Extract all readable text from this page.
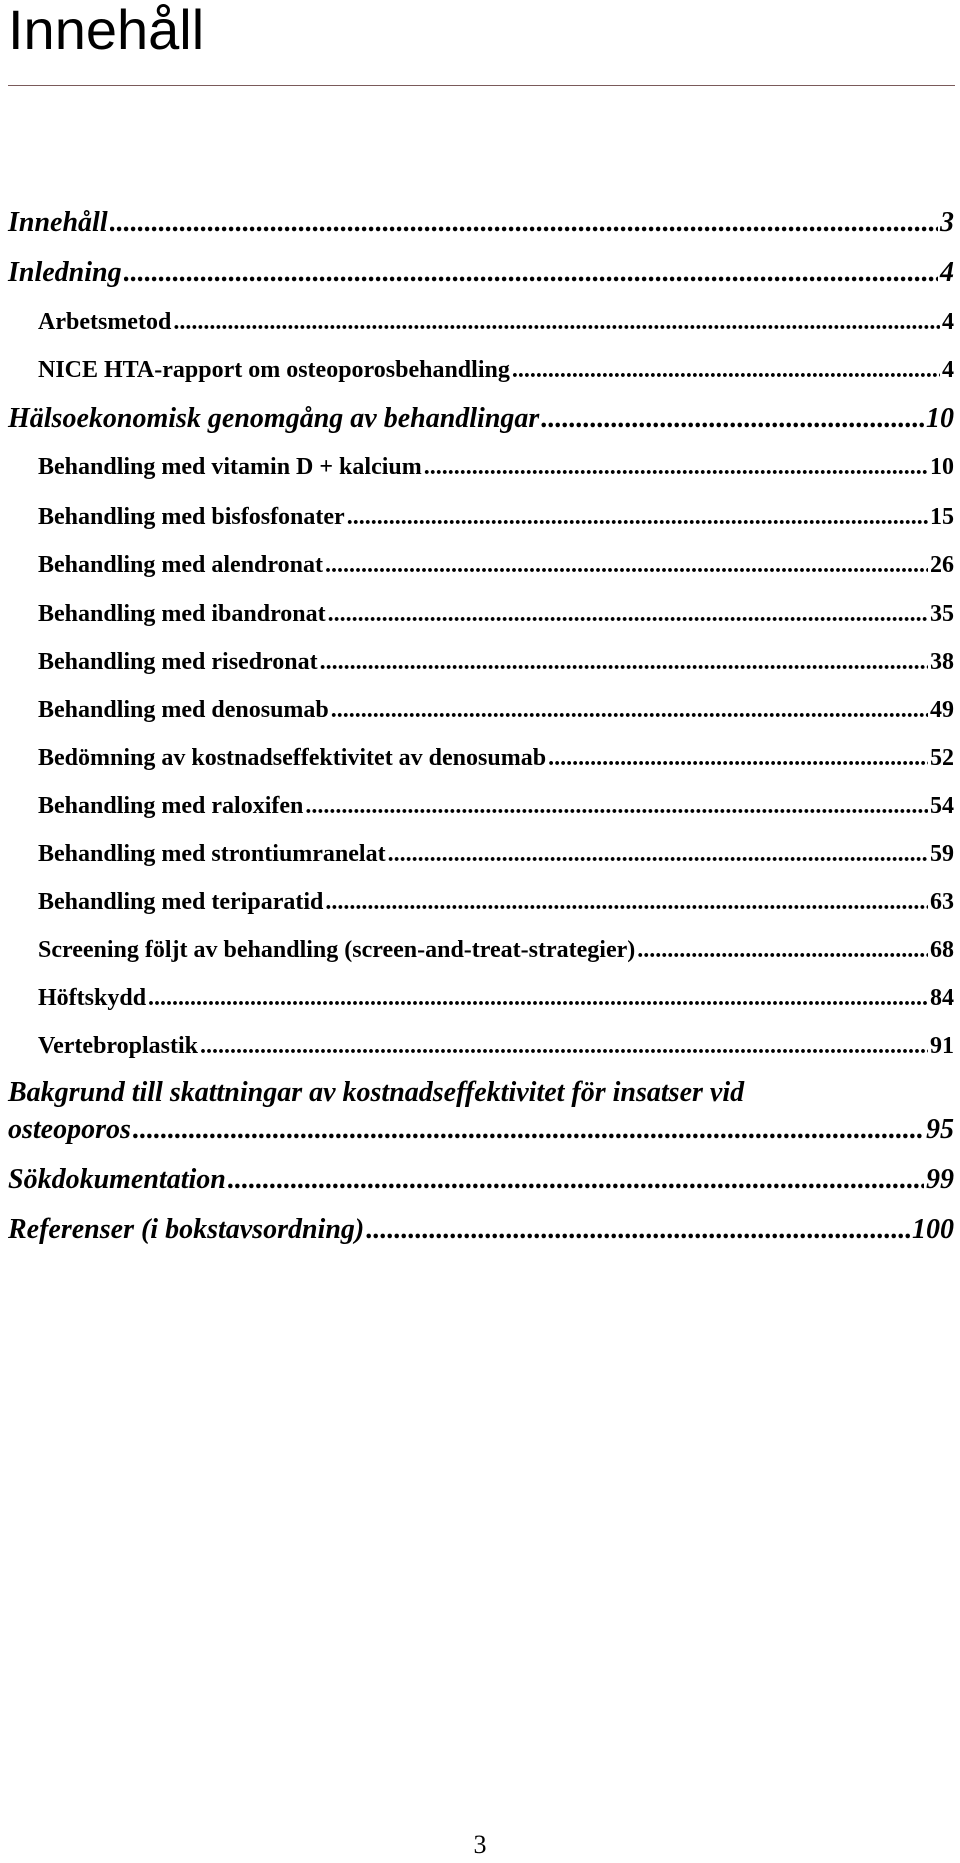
Innehåll
Innehåll .....	3
Inledning .....	4
Arbetsmetod .....	4
NICE HTA-rapport om osteoporosbehandling .....	4
Hälsoekonomisk genomgång av behandlingar .....	10
Behandling med vitamin D + kalcium .....	10
Behandling med bisfosfonater .....	15
Behandling med alendronat .....	26
Behandling med ibandronat .....	35
Behandling med risedronat .....	38
Behandling med denosumab .....	49
Bedömning av kostnadseffektivitet av denosumab .....	52
Behandling med raloxifen .....	54
Behandling med strontiumranelat .....	59
Behandling med teriparatid .....	63
Screening följt av behandling (screen-and-treat-strategier) .....	68
Höftskydd .....	84
Vertebroplastik .....	91
Bakgrund till skattningar av kostnadseffektivitet för insatser vid
osteoporos .....	95
Sökdokumentation .....	99
Referenser (i bokstavsordning) .....	100
3
